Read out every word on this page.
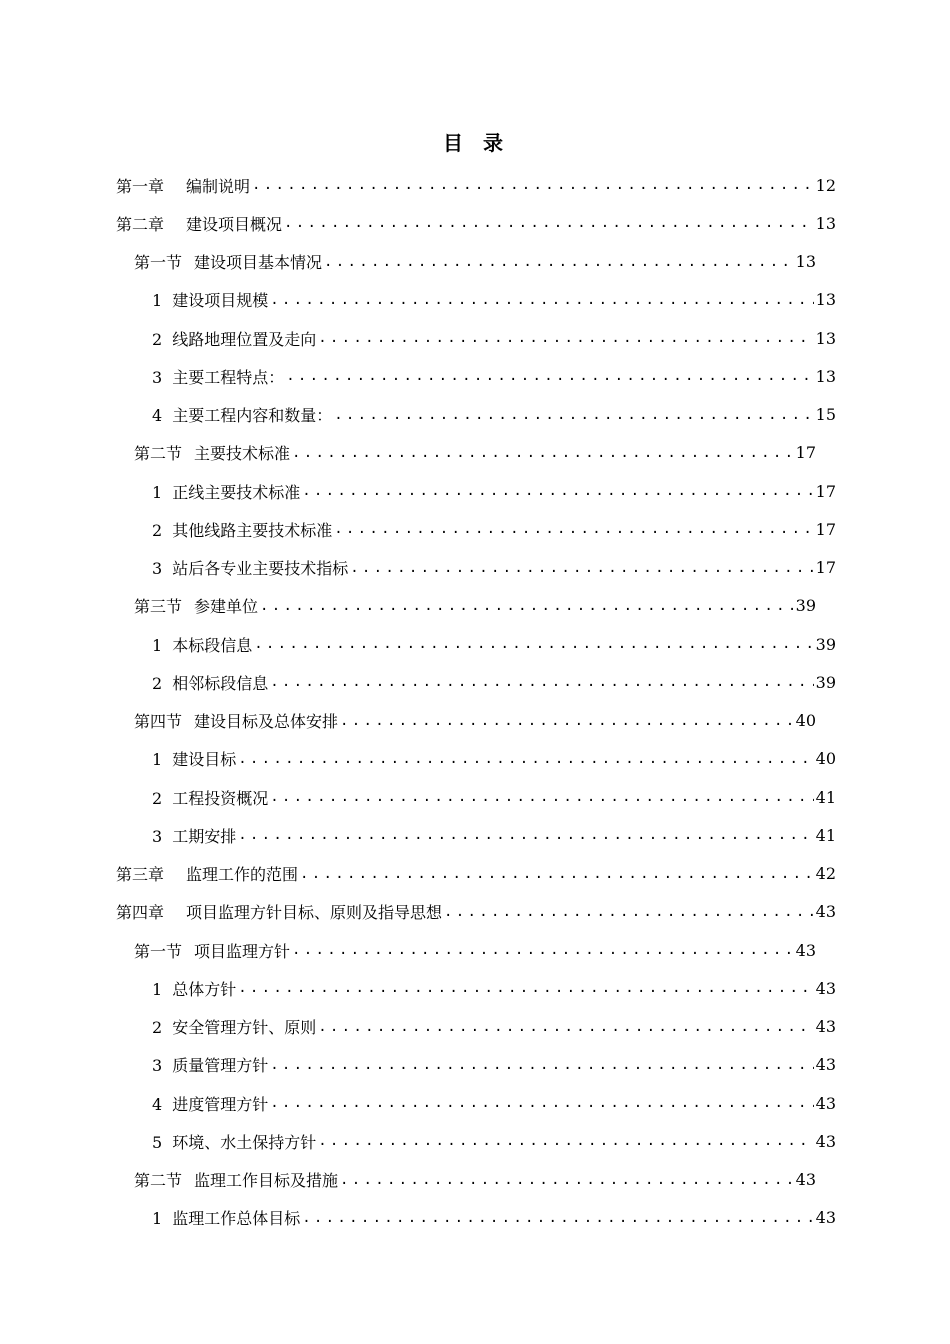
目 录
第一章 编制说明 .....	12
第二章 建设项目概况 .....	13
第一节 建设项目基本情况 .....	13
1 建设项目规模 .....	13
2 线路地理位置及走向 .....	13
3 主要工程特点： .....	13
4 主要工程内容和数量： .....	15
第二节 主要技术标准 .....	17
1 正线主要技术标准 .....	17
2 其他线路主要技术标准 .....	17
3 站后各专业主要技术指标 .....	17
第三节 参建单位 .....	39
1 本标段信息 .....	39
2 相邻标段信息 .....	39
第四节 建设目标及总体安排 .....	40
1 建设目标 .....	40
2 工程投资概况 .....	41
3 工期安排 .....	41
第三章 监理工作的范围 .....	42
第四章 项目监理方针目标、原则及指导思想 .....	43
第一节 项目监理方针 .....	43
1 总体方针 .....	43
2 安全管理方针、原则 .....	43
3 质量管理方针 .....	43
4 进度管理方针 .....	43
5 环境、水土保持方针 .....	43
第二节 监理工作目标及措施 .....	43
1 监理工作总体目标 .....	43
